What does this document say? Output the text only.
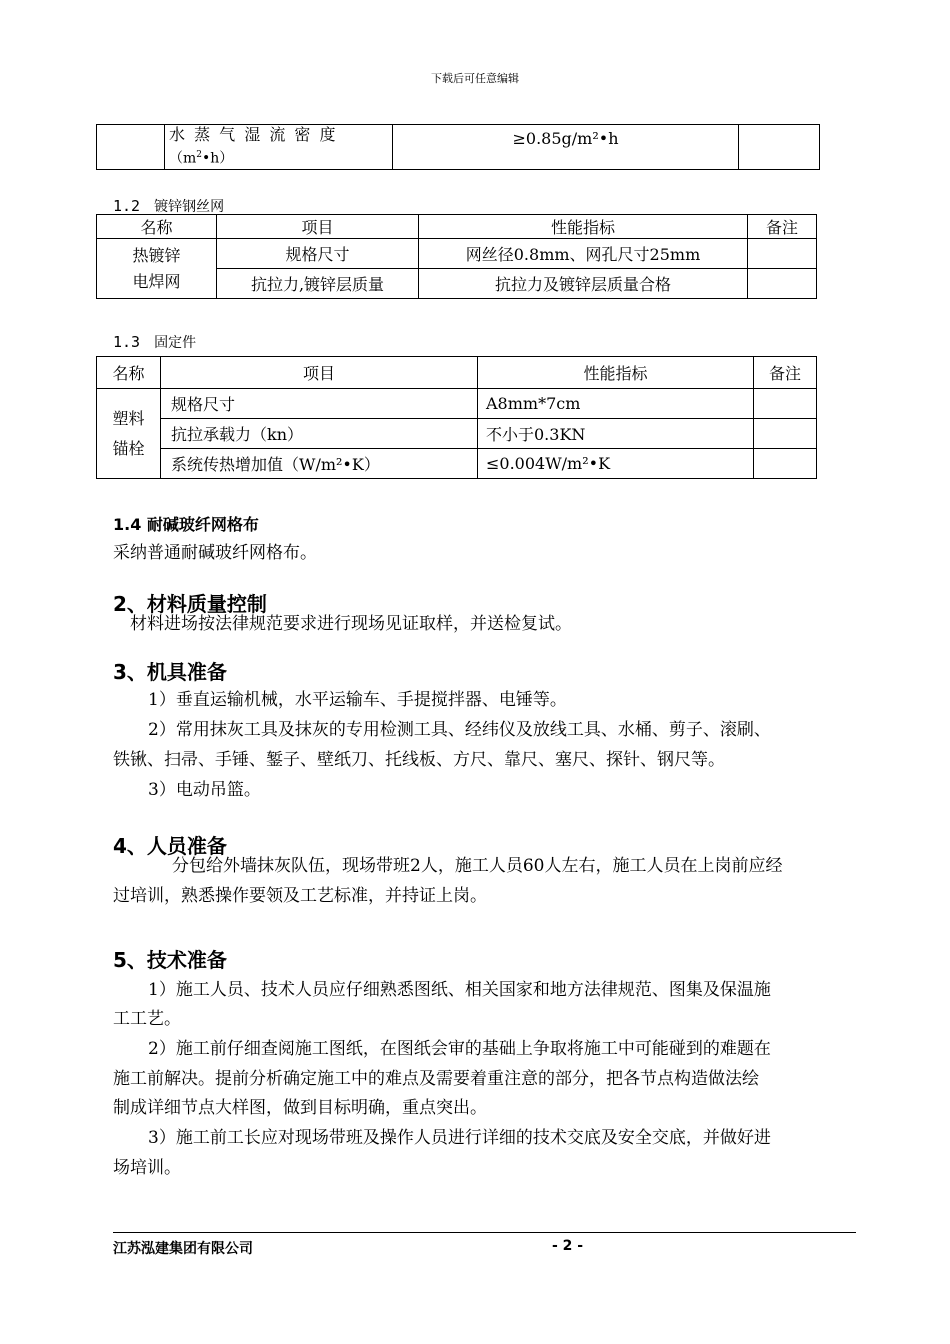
下载后可任意编辑

水 蒸 气 湿 流 密 度
$(m^2•h)$
	≥0.85g/m²•h	
1.2 镀锌钢丝网
名称	项目	性能指标	备注

热镀锌
电焊网	规格尺寸	网丝径0.8mm、网孔尺寸25mm	
	抗拉力,镀锌层质量	抗拉力及镀锌层质量合格	
1.3 固定件
名称	项目	性能指标	备注

塑料
锚栓	规格尺寸	A8mm*7cm	
	抗拉承载力（kn）	不小于0.3KN	
	系统传热增加值（W/m²•K）	≤0.004W/m²•K	
1.4 耐碱玻纤网格布
采纳普通耐碱玻纤网格布。
2、材料质量控制
材料进场按法律规范要求进行现场见证取样，并送检复试。
3、机具准备
1）垂直运输机械，水平运输车、手提搅拌器、电锤等。
2）常用抹灰工具及抹灰的专用检测工具、经纬仪及放线工具、水桶、剪子、滚刷、
铁锹、扫帚、手锤、錾子、壁纸刀、托线板、方尺、靠尺、塞尺、探针、钢尺等。
3）电动吊篮。
4、人员准备
分包给外墙抹灰队伍，现场带班2人，施工人员60人左右，施工人员在上岗前应经
过培训，熟悉操作要领及工艺标准，并持证上岗。
5、技术准备
1）施工人员、技术人员应仔细熟悉图纸、相关国家和地方法律规范、图集及保温施
工工艺。
2）施工前仔细查阅施工图纸，在图纸会审的基础上争取将施工中可能碰到的难题在
施工前解决。提前分析确定施工中的难点及需要着重注意的部分，把各节点构造做法绘
制成详细节点大样图，做到目标明确，重点突出。
3）施工前工长应对现场带班及操作人员进行详细的技术交底及安全交底，并做好进
场培训。
江苏泓建集团有限公司	- 2 -
